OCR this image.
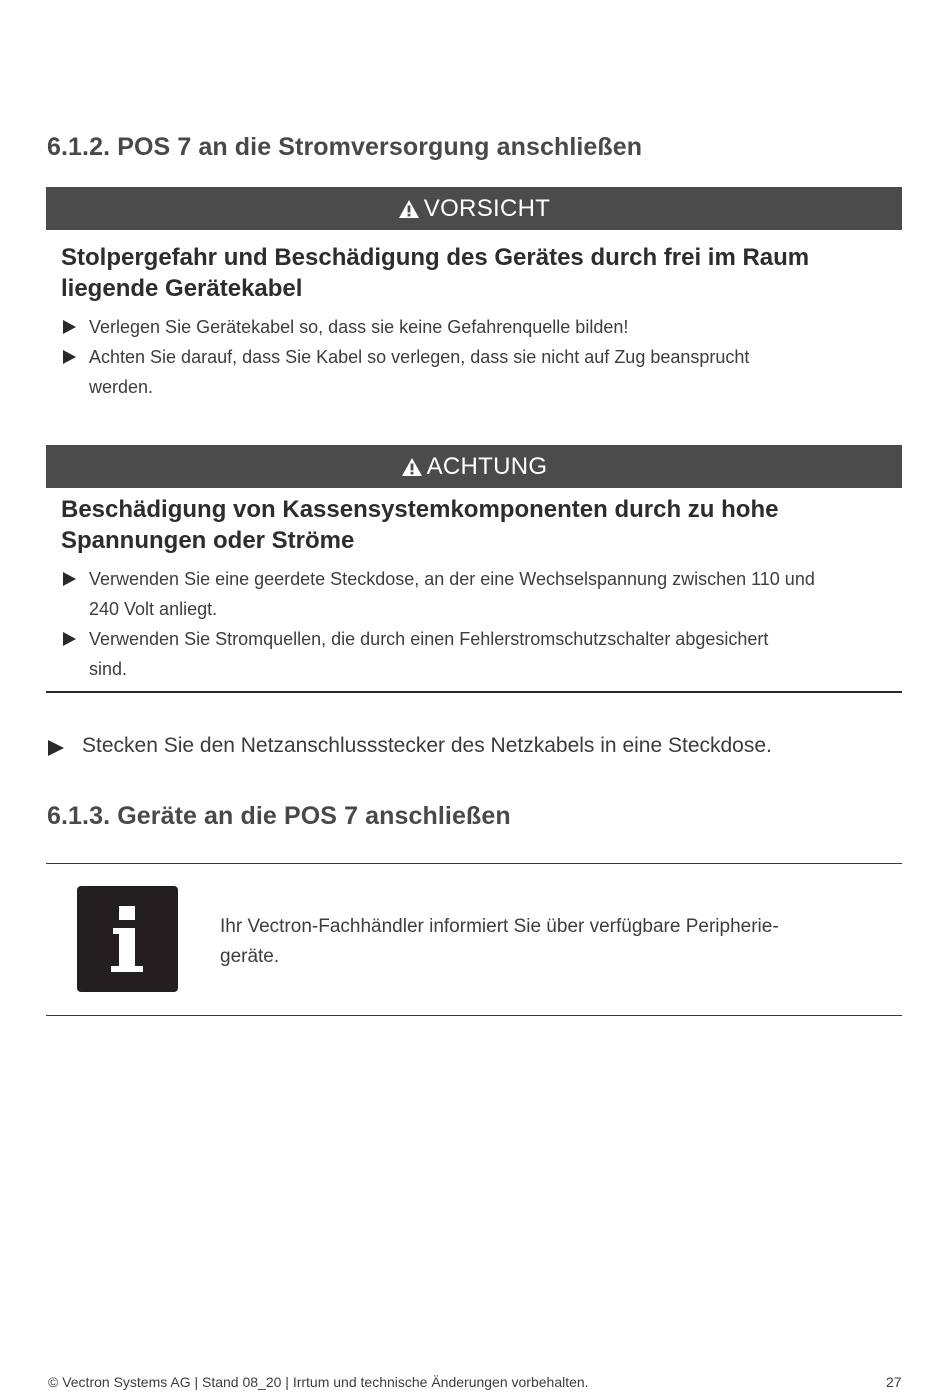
6.1.2. POS 7 an die Stromversorgung anschließen
VORSICHT
Stolpergefahr und Beschädigung des Gerätes durch frei im Raum
liegende Gerätekabel
Verlegen Sie Gerätekabel so, dass sie keine Gefahrenquelle bilden!
Achten Sie darauf, dass Sie Kabel so verlegen, dass sie nicht auf Zug beansprucht
werden.
ACHTUNG
Beschädigung von Kassensystemkomponenten durch zu hohe
Spannungen oder Ströme
Verwenden Sie eine geerdete Steckdose, an der eine Wechselspannung zwischen 110 und
240 Volt anliegt.
Verwenden Sie Stromquellen, die durch einen Fehlerstromschutzschalter abgesichert
sind.
Stecken Sie den Netzanschlussstecker des Netzkabels in eine Steckdose.
6.1.3. Geräte an die POS 7 anschließen
Ihr Vectron-Fachhändler informiert Sie über verfügbare Peripherie-
geräte.
© Vectron Systems AG | Stand 08_20 | Irrtum und technische Änderungen vorbehalten.	27
